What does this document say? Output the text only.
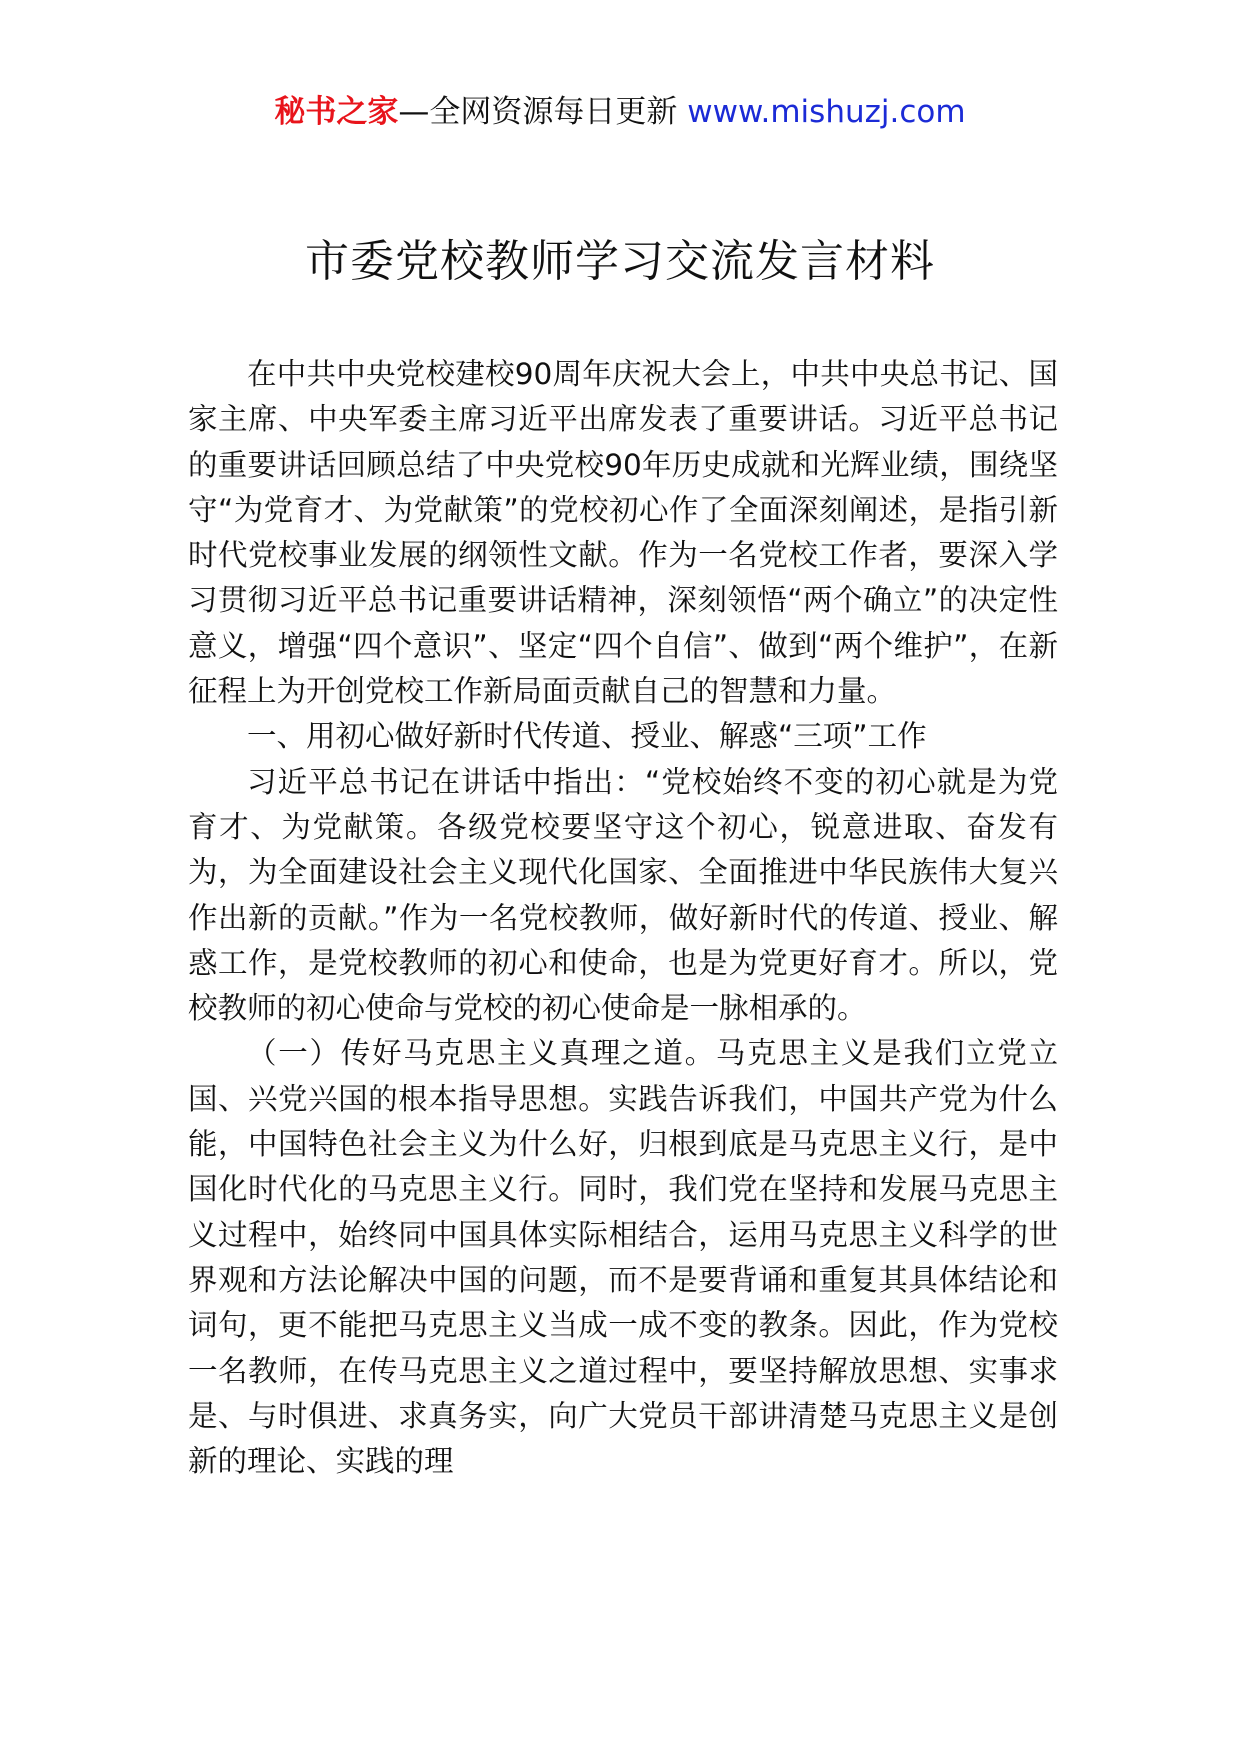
秘书之家—全网资源每日更新 www.mishuzj.com
市委党校教师学习交流发言材料

在中共中央党校建校90周年庆祝大会上，中共中央总书记、国家主席、中央军委主席习近平出席发表了重要讲话。习近平总书记的重要讲话回顾总结了中央党校90年历史成就和光辉业绩，围绕坚守“为党育才、为党献策”的党校初心作了全面深刻阐述，是指引新时代党校事业发展的纲领性文献。作为一名党校工作者，要深入学习贯彻习近平总书记重要讲话精神，深刻领悟“两个确立”的决定性意义，增强“四个意识”、坚定“四个自信”、做到“两个维护”，在新征程上为开创党校工作新局面贡献自己的智慧和力量。

一、用初心做好新时代传道、授业、解惑“三项”工作

习近平总书记在讲话中指出：“党校始终不变的初心就是为党育才、为党献策。各级党校要坚守这个初心，锐意进取、奋发有为，为全面建设社会主义现代化国家、全面推进中华民族伟大复兴作出新的贡献。”作为一名党校教师，做好新时代的传道、授业、解惑工作，是党校教师的初心和使命，也是为党更好育才。所以，党校教师的初心使命与党校的初心使命是一脉相承的。

（一）传好马克思主义真理之道。马克思主义是我们立党立国、兴党兴国的根本指导思想。实践告诉我们，中国共产党为什么能，中国特色社会主义为什么好，归根到底是马克思主义行，是中国化时代化的马克思主义行。同时，我们党在坚持和发展马克思主义过程中，始终同中国具体实际相结合，运用马克思主义科学的世界观和方法论解决中国的问题，而不是要背诵和重复其具体结论和词句，更不能把马克思主义当成一成不变的教条。因此，作为党校一名教师，在传马克思主义之道过程中，要坚持解放思想、实事求是、与时俱进、求真务实，向广大党员干部讲清楚马克思主义是创新的理论、实践的理
